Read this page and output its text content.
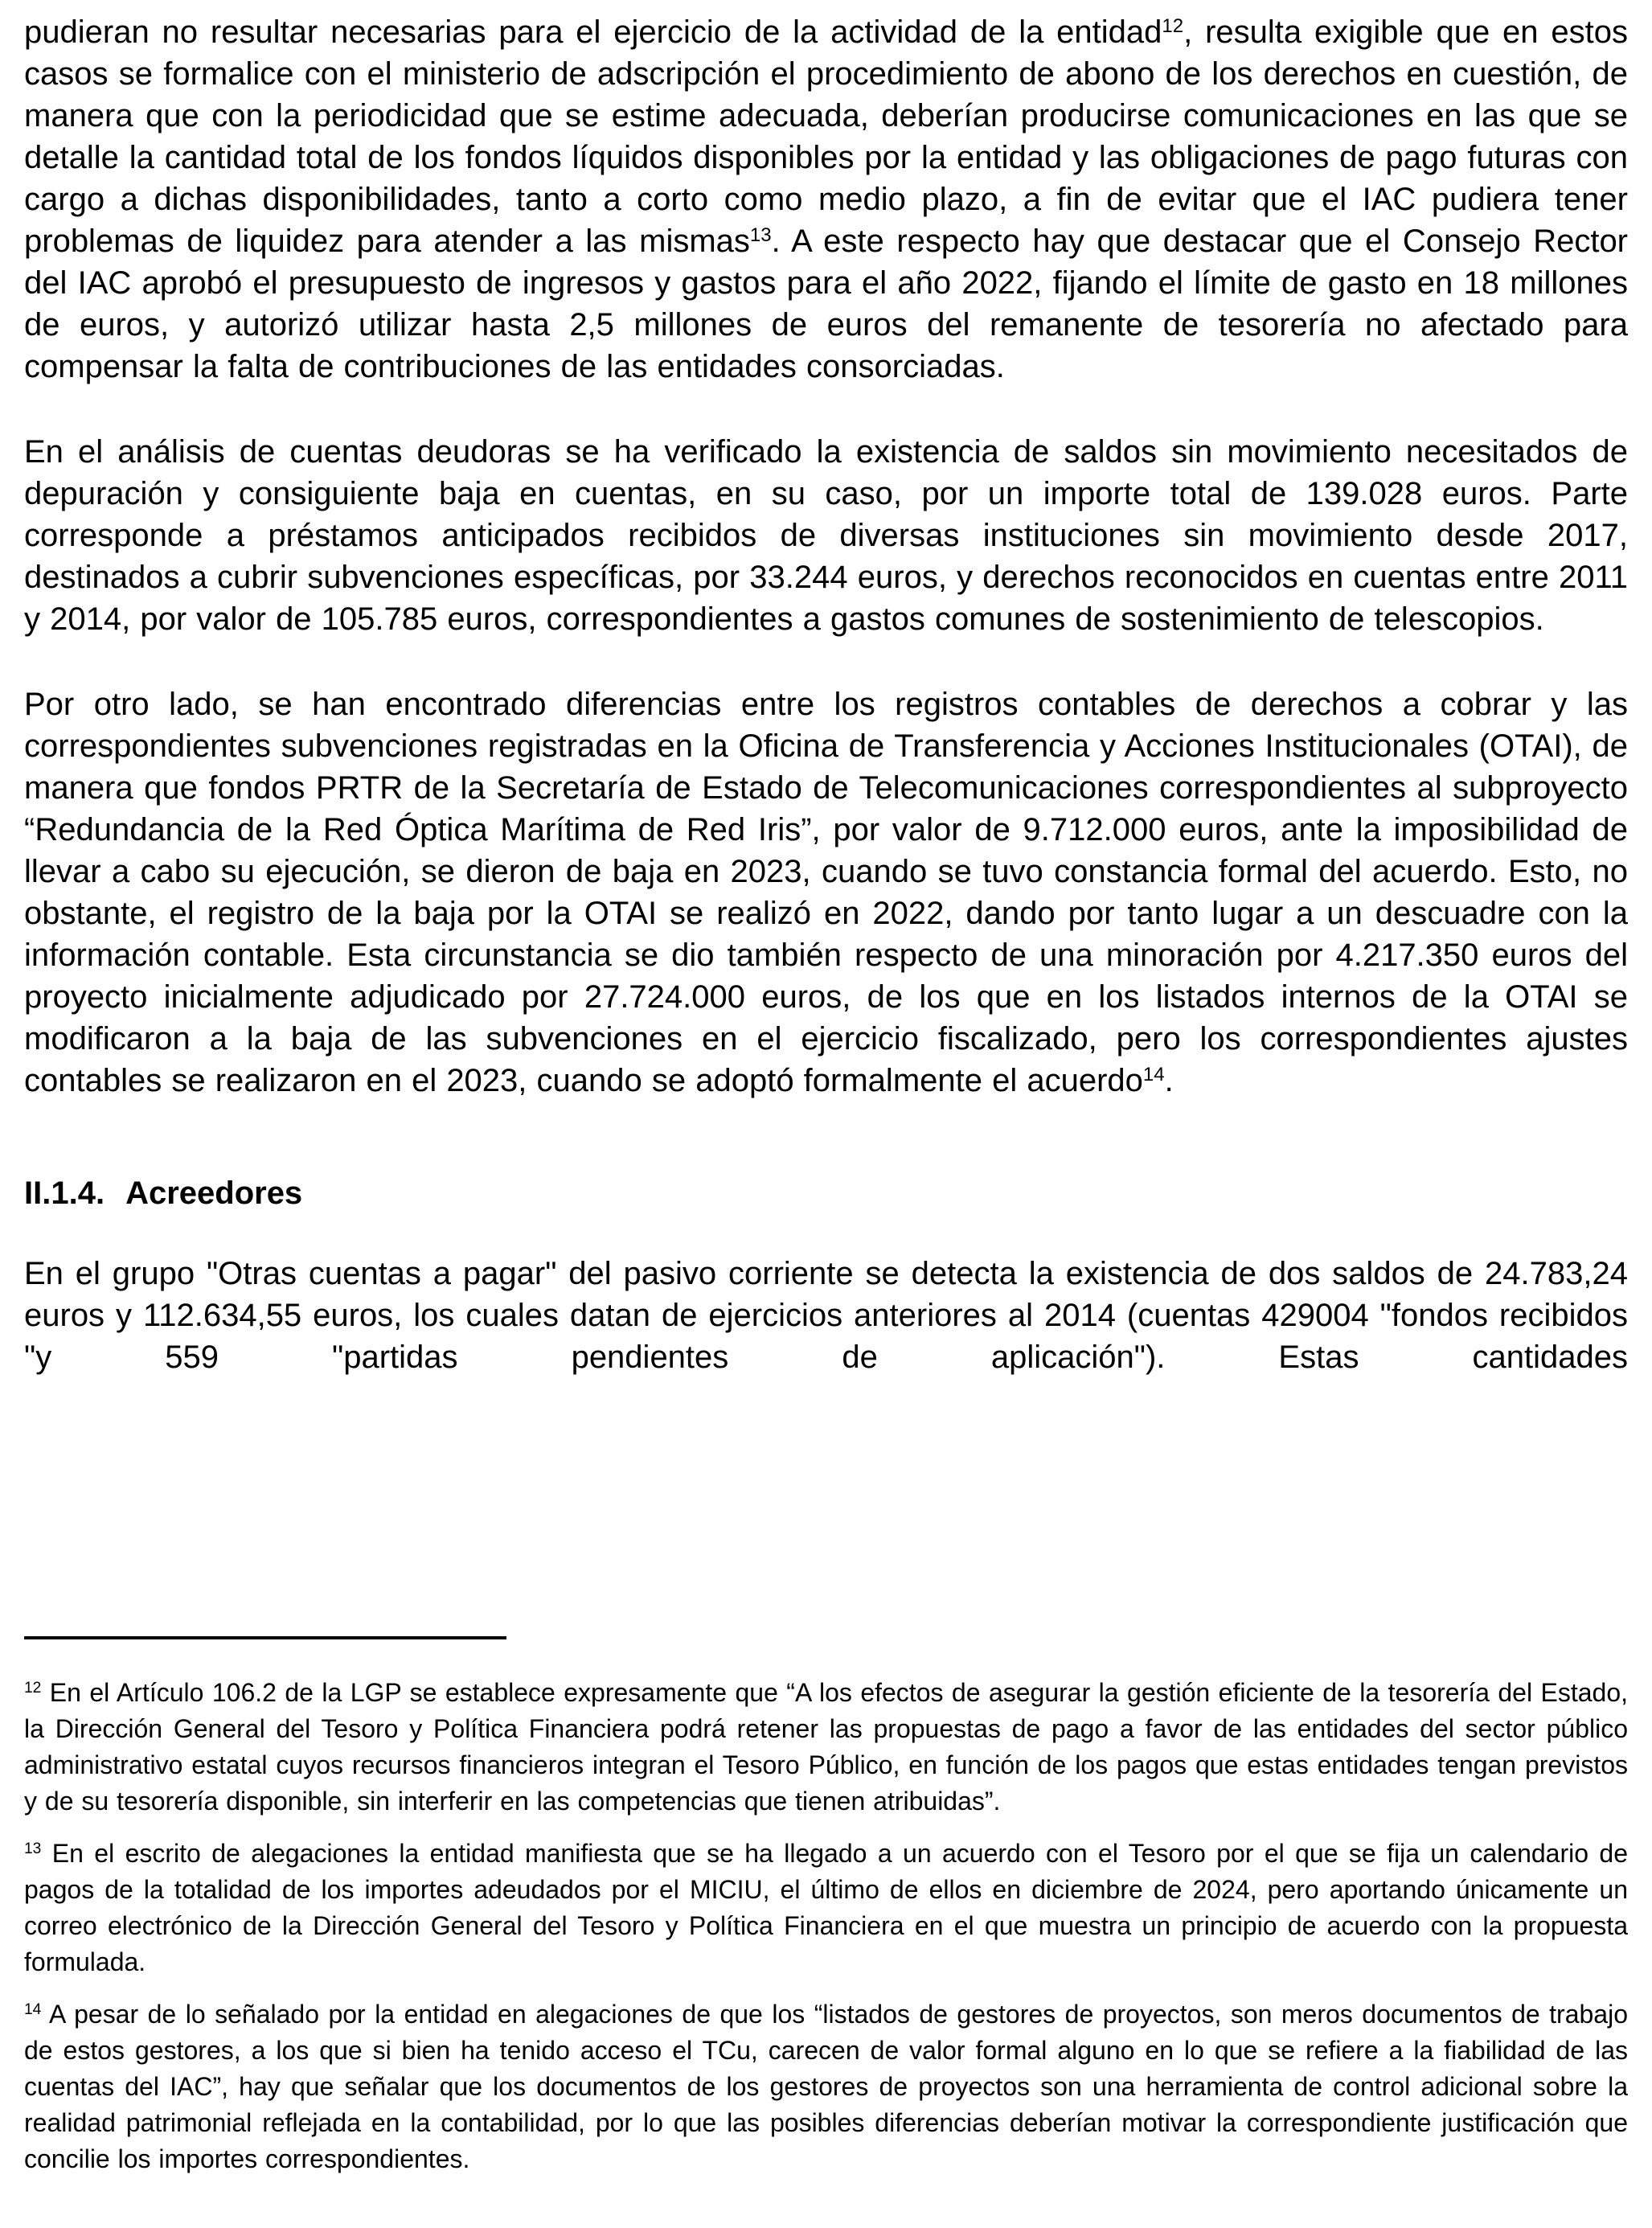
pudieran no resultar necesarias para el ejercicio de la actividad de la entidad$^{12}$, resulta exigible que en estos casos se formalice con el ministerio de adscripción el procedimiento de abono de los derechos en cuestión, de manera que con la periodicidad que se estime adecuada, deberían producirse comunicaciones en las que se detalle la cantidad total de los fondos líquidos disponibles por la entidad y las obligaciones de pago futuras con cargo a dichas disponibilidades, tanto a corto como medio plazo, a fin de evitar que el IAC pudiera tener problemas de liquidez para atender a las mismas$^{13}$. A este respecto hay que destacar que el Consejo Rector del IAC aprobó el presupuesto de ingresos y gastos para el año 2022, fijando el límite de gasto en 18 millones de euros, y autorizó utilizar hasta 2,5 millones de euros del remanente de tesorería no afectado para compensar la falta de contribuciones de las entidades consorciadas.

En el análisis de cuentas deudoras se ha verificado la existencia de saldos sin movimiento necesitados de depuración y consiguiente baja en cuentas, en su caso, por un importe total de 139.028 euros. Parte corresponde a préstamos anticipados recibidos de diversas instituciones sin movimiento desde 2017, destinados a cubrir subvenciones específicas, por 33.244 euros, y derechos reconocidos en cuentas entre 2011 y 2014, por valor de 105.785 euros, correspondientes a gastos comunes de sostenimiento de telescopios.

Por otro lado, se han encontrado diferencias entre los registros contables de derechos a cobrar y las correspondientes subvenciones registradas en la Oficina de Transferencia y Acciones Institucionales (OTAI), de manera que fondos PRTR de la Secretaría de Estado de Telecomunicaciones correspondientes al subproyecto “Redundancia de la Red Óptica Marítima de Red Iris”, por valor de 9.712.000 euros, ante la imposibilidad de llevar a cabo su ejecución, se dieron de baja en 2023, cuando se tuvo constancia formal del acuerdo. Esto, no obstante, el registro de la baja por la OTAI se realizó en 2022, dando por tanto lugar a un descuadre con la información contable. Esta circunstancia se dio también respecto de una minoración por 4.217.350 euros del proyecto inicialmente adjudicado por 27.724.000 euros, de los que en los listados internos de la OTAI se modificaron a la baja de las subvenciones en el ejercicio fiscalizado, pero los correspondientes ajustes contables se realizaron en el 2023, cuando se adoptó formalmente el acuerdo$^{14}$.

II.1.4. Acreedores

En el grupo "Otras cuentas a pagar" del pasivo corriente se detecta la existencia de dos saldos de 24.783,24 euros y 112.634,55 euros, los cuales datan de ejercicios anteriores al 2014 (cuentas 429004 "fondos recibidos "y 559 "partidas pendientes de aplicación"). Estas cantidades

$^{12}$ En el Artículo 106.2 de la LGP se establece expresamente que “A los efectos de asegurar la gestión eficiente de la tesorería del Estado, la Dirección General del Tesoro y Política Financiera podrá retener las propuestas de pago a favor de las entidades del sector público administrativo estatal cuyos recursos financieros integran el Tesoro Público, en función de los pagos que estas entidades tengan previstos y de su tesorería disponible, sin interferir en las competencias que tienen atribuidas”.

$^{13}$ En el escrito de alegaciones la entidad manifiesta que se ha llegado a un acuerdo con el Tesoro por el que se fija un calendario de pagos de la totalidad de los importes adeudados por el MICIU, el último de ellos en diciembre de 2024, pero aportando únicamente un correo electrónico de la Dirección General del Tesoro y Política Financiera en el que muestra un principio de acuerdo con la propuesta formulada.

$^{14}$ A pesar de lo señalado por la entidad en alegaciones de que los “listados de gestores de proyectos, son meros documentos de trabajo de estos gestores, a los que si bien ha tenido acceso el TCu, carecen de valor formal alguno en lo que se refiere a la fiabilidad de las cuentas del IAC”, hay que señalar que los documentos de los gestores de proyectos son una herramienta de control adicional sobre la realidad patrimonial reflejada en la contabilidad, por lo que las posibles diferencias deberían motivar la correspondiente justificación que concilie los importes correspondientes.
